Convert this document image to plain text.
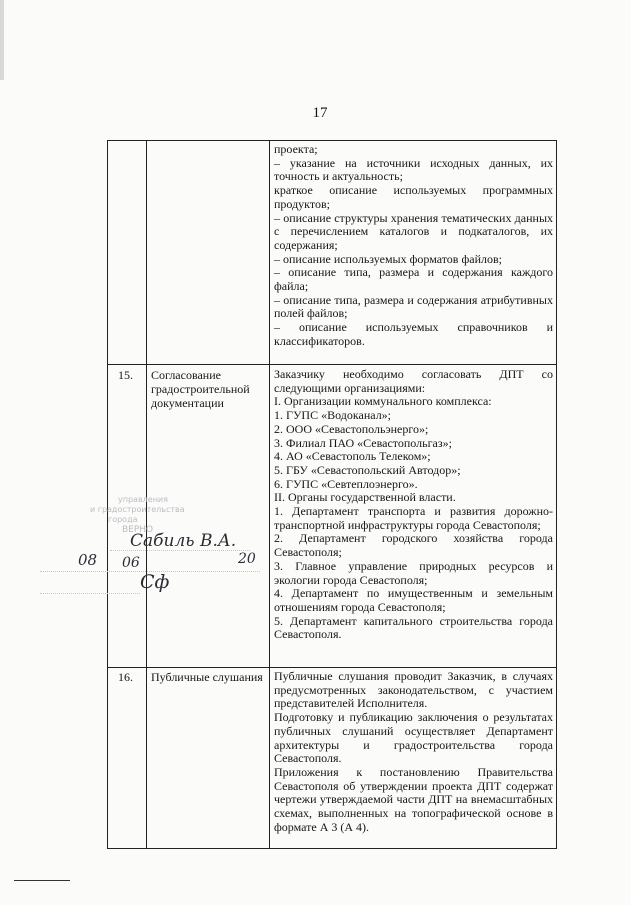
17

проекта;

– указание на источники исходных данных, их точность и актуальность;

краткое описание используемых программных продуктов;

– описание структуры хранения тематических данных с перечислением каталогов и подкаталогов, их содержания;

– описание используемых форматов файлов;

– описание типа, размера и содержания каждого файла;

– описание типа, размера и содержания атрибутивных полей файлов;

– описание используемых справочников и классификаторов.

15. Согласование градостроительной документации

Заказчику необходимо согласовать ДПТ со следующими организациями:

I. Организации коммунального комплекса:

1. ГУПС «Водоканал»;

2. ООО «Севастопольэнерго»;

3. Филиал ПАО «Севастопольгаз»;

4. АО «Севастополь Телеком»;

5. ГБУ «Севастопольский Автодор»;

6. ГУПС «Севтеплоэнерго».

II. Органы государственной власти.

1. Департамент транспорта и развития дорожно-транспортной инфраструктуры города Севастополя;

2. Департамент городского хозяйства города Севастополя;

3. Главное управление природных ресурсов и экологии города Севастополя;

4. Департамент по имущественным и земельным отношениям города Севастополя;

5. Департамент капитального строительства города Севастополя.

16. Публичные слушания Публичные слушания проводит Заказчик, в случаях предусмотренных законодательством, с участием представителей Исполнителя.

Подготовку и публикацию заключения о результатах публичных слушаний осуществляет Департамент архитектуры и градостроительства города Севастополя.

Приложения к постановлению Правительства Севастополя об утверждении проекта ДПТ содержат чертежи утверждаемой части ДПТ на внемасштабных схемах, выполненных на топографической основе в формате А 3 (А 4).

управления
и градостроительства
города
ВЕРНО
Сабиль В.А.
08 06	20
Сф
